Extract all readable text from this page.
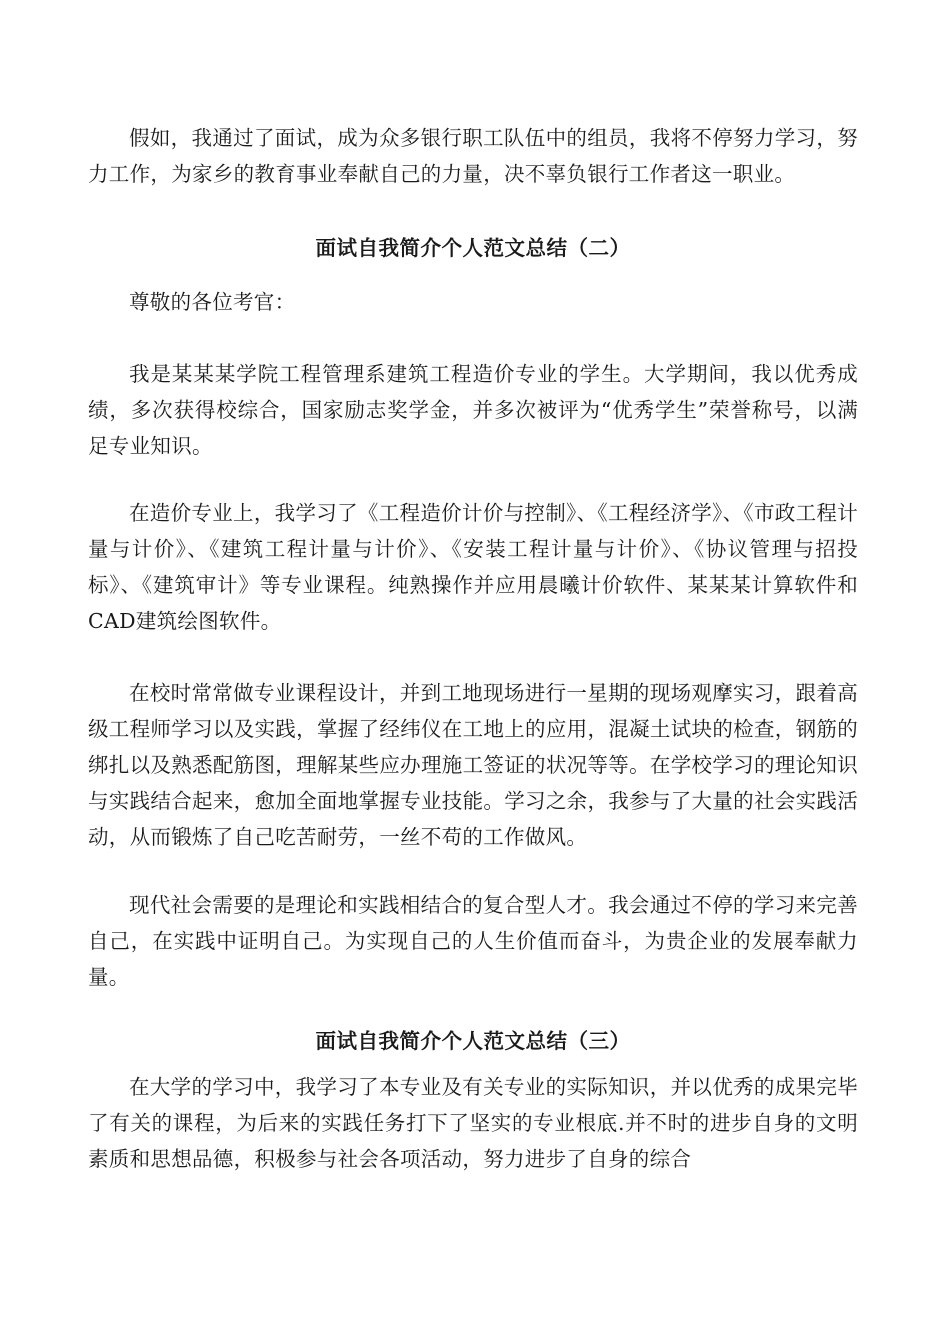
假如，我通过了面试，成为众多银行职工队伍中的组员，我将不停努力学习，努力工作，为家乡的教育事业奉献自己的力量，决不辜负银行工作者这一职业。

面试自我简介个人范文总结（二）

尊敬的各位考官：

我是某某某学院工程管理系建筑工程造价专业的学生。大学期间，我以优秀成绩，多次获得校综合，国家励志奖学金，并多次被评为“优秀学生”荣誉称号，以满足专业知识。

在造价专业上，我学习了《工程造价计价与控制》、《工程经济学》、《市政工程计量与计价》、《建筑工程计量与计价》、《安装工程计量与计价》、《协议管理与招投标》、《建筑审计》等专业课程。纯熟操作并应用晨曦计价软件、某某某计算软件和CAD建筑绘图软件。

在校时常常做专业课程设计，并到工地现场进行一星期的现场观摩实习，跟着高级工程师学习以及实践，掌握了经纬仪在工地上的应用，混凝土试块的检查，钢筋的绑扎以及熟悉配筋图，理解某些应办理施工签证的状况等等。在学校学习的理论知识与实践结合起来，愈加全面地掌握专业技能。学习之余，我参与了大量的社会实践活动，从而锻炼了自己吃苦耐劳，一丝不苟的工作做风。

现代社会需要的是理论和实践相结合的复合型人才。我会通过不停的学习来完善自己，在实践中证明自己。为实现自己的人生价值而奋斗，为贵企业的发展奉献力量。

面试自我简介个人范文总结（三）

在大学的学习中，我学习了本专业及有关专业的实际知识，并以优秀的成果完毕了有关的课程，为后来的实践任务打下了坚实的专业根底.并不时的进步自身的文明素质和思想品德，积极参与社会各项活动，努力进步了自身的综合
